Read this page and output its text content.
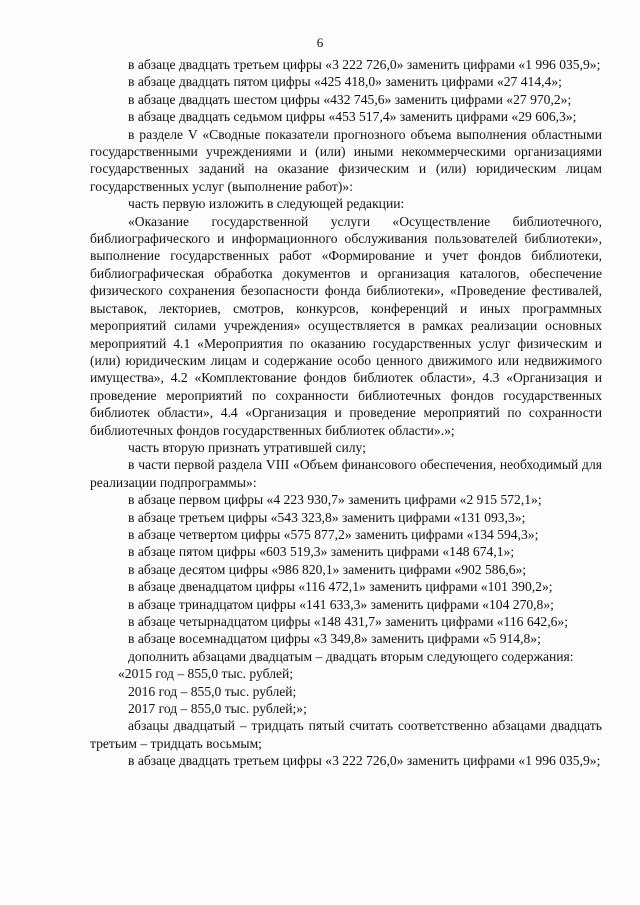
6

в абзаце двадцать третьем цифры «3 222 726,0» заменить цифрами «1 996 035,9»;

в абзаце двадцать пятом цифры «425 418,0» заменить цифрами «27 414,4»;

в абзаце двадцать шестом цифры «432 745,6» заменить цифрами «27 970,2»;

в абзаце двадцать седьмом цифры «453 517,4» заменить цифрами «29 606,3»;

в разделе V «Сводные показатели прогнозного объема выполнения областными государственными учреждениями и (или) иными некоммерческими организациями государственных заданий на оказание физическим и (или) юридическим лицам государственных услуг (выполнение работ)»:

часть первую изложить в следующей редакции:

«Оказание государственной услуги «Осуществление библиотечного, библиографического и информационного обслуживания пользователей библиотеки», выполнение государственных работ «Формирование и учет фондов библиотеки, библиографическая обработка документов и организация каталогов, обеспечение физического сохранения безопасности фонда библиотеки», «Проведение фестивалей, выставок, лекториев, смотров, конкурсов, конференций и иных программных мероприятий силами учреждения» осуществляется в рамках реализации основных мероприятий 4.1 «Мероприятия по оказанию государственных услуг физическим и (или) юридическим лицам и содержание особо ценного движимого или недвижимого имущества», 4.2 «Комплектование фондов библиотек области», 4.3 «Организация и проведение мероприятий по сохранности библиотечных фондов государственных библиотек области», 4.4 «Организация и проведение мероприятий по сохранности библиотечных фондов государственных библиотек области».»;

часть вторую признать утратившей силу;

в части первой раздела VIII «Объем финансового обеспечения, необходимый для реализации подпрограммы»:

в абзаце первом цифры «4 223 930,7» заменить цифрами «2 915 572,1»;

в абзаце третьем цифры «543 323,8» заменить цифрами «131 093,3»;

в абзаце четвертом цифры «575 877,2» заменить цифрами «134 594,3»;

в абзаце пятом цифры «603 519,3» заменить цифрами «148 674,1»;

в абзаце десятом цифры «986 820,1» заменить цифрами «902 586,6»;

в абзаце двенадцатом цифры «116 472,1» заменить цифрами «101 390,2»;

в абзаце тринадцатом цифры «141 633,3» заменить цифрами «104 270,8»;

в абзаце четырнадцатом цифры «148 431,7» заменить цифрами «116 642,6»;

в абзаце восемнадцатом цифры «3 349,8» заменить цифрами «5 914,8»;

дополнить абзацами двадцатым – двадцать вторым следующего содержания:

«2015 год – 855,0 тыс. рублей;

2016 год – 855,0 тыс. рублей;

2017 год – 855,0 тыс. рублей;»;

абзацы двадцатый – тридцать пятый считать соответственно абзацами двадцать третьим – тридцать восьмым;

в абзаце двадцать третьем цифры «3 222 726,0» заменить цифрами «1 996 035,9»;
